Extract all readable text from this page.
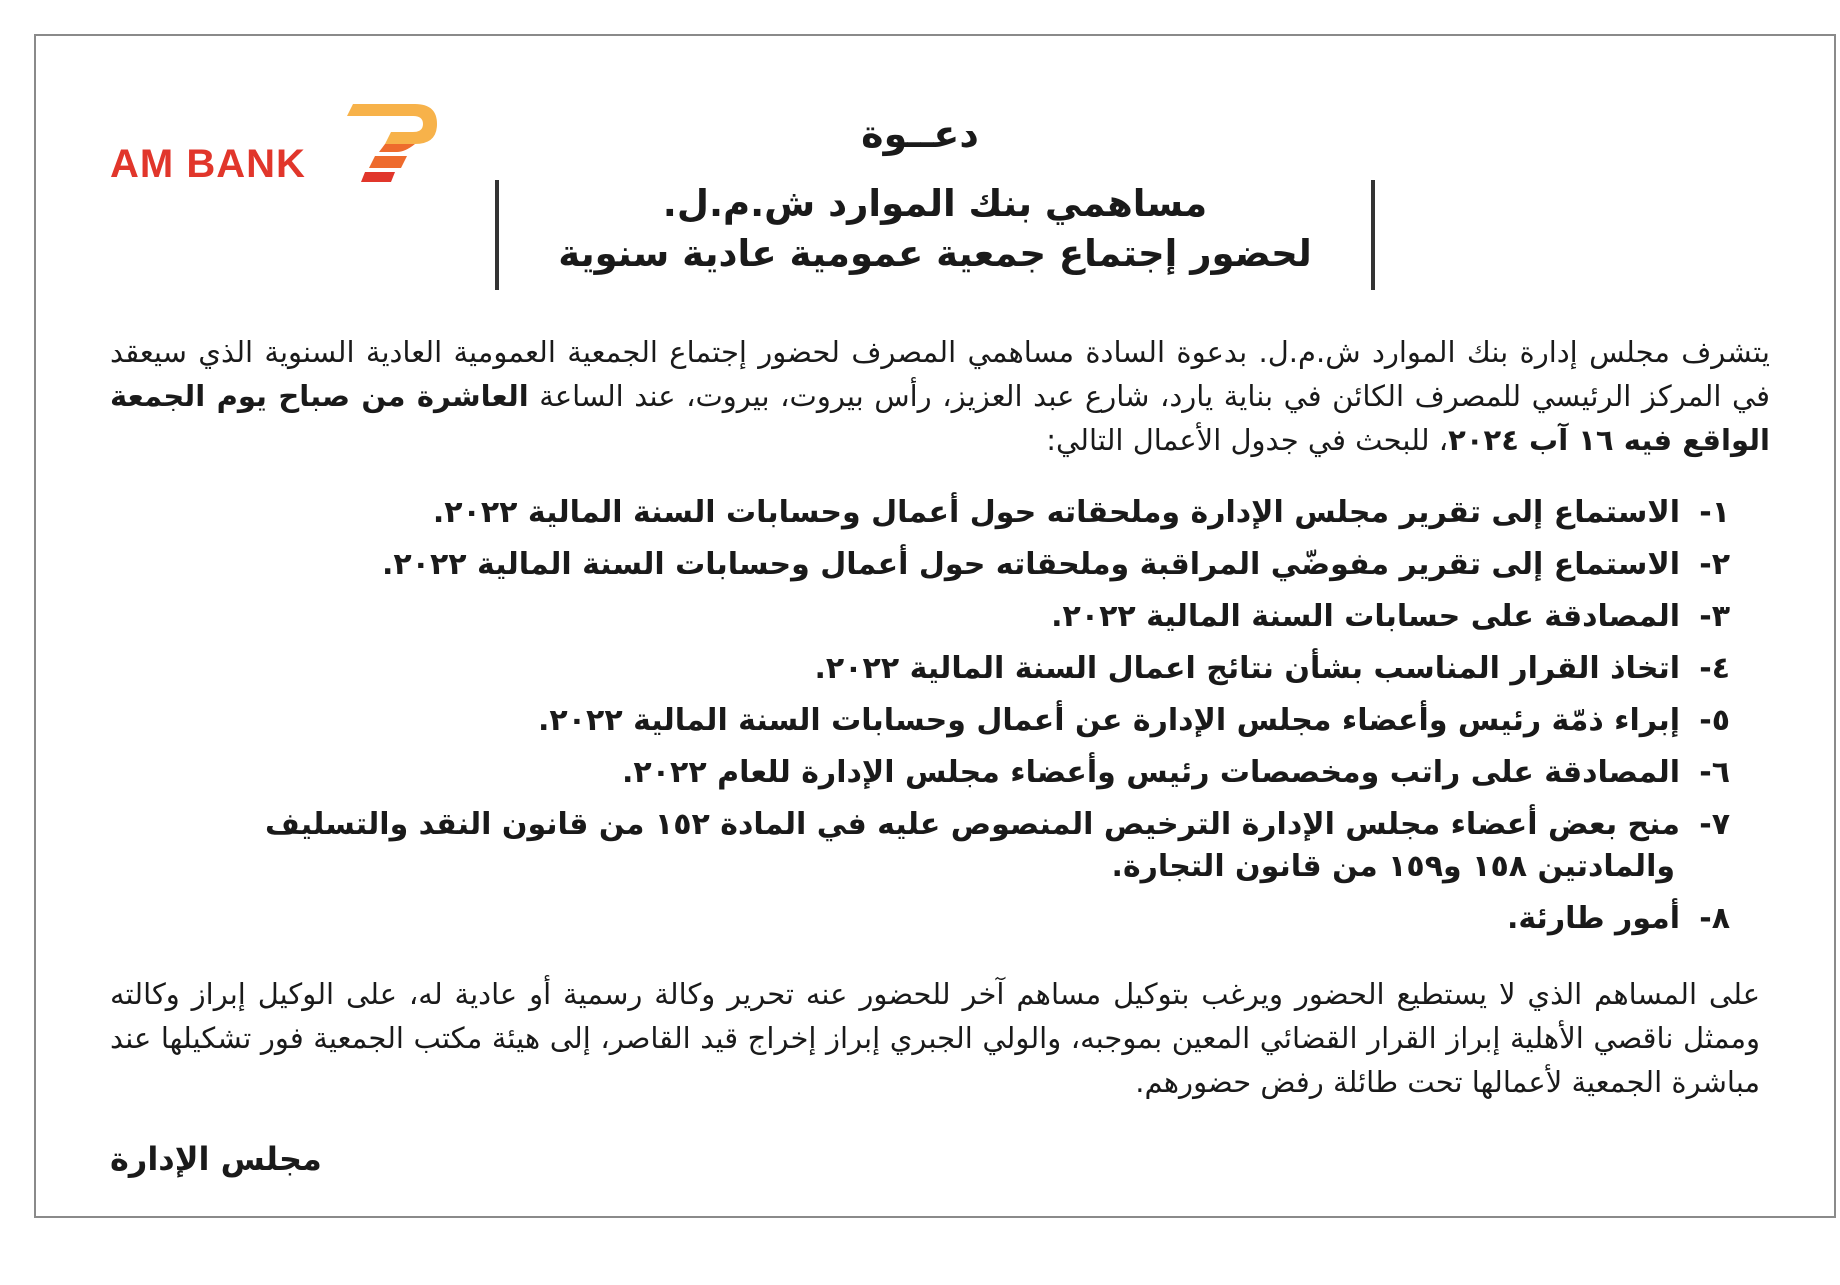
AM BANK
دعــوة
مساهمي بنك الموارد ش.م.ل.
لحضور إجتماع جمعية عمومية عادية سنوية
يتشرف مجلس إدارة بنك الموارد ش.م.ل. بدعوة السادة مساهمي المصرف لحضور إجتماع الجمعية العمومية العادية السنوية الذي سيعقد في المركز الرئيسي للمصرف الكائن في بناية يارد، شارع عبد العزيز، رأس بيروت، بيروت، عند الساعة العاشرة من صباح يوم الجمعة الواقع فيه ١٦ آب ٢٠٢٤، للبحث في جدول الأعمال التالي:
١-الاستماع إلى تقرير مجلس الإدارة وملحقاته حول أعمال وحسابات السنة المالية ٢٠٢٢.
٢-الاستماع إلى تقرير مفوضّي المراقبة وملحقاته حول أعمال وحسابات السنة المالية ٢٠٢٢.
٣-المصادقة على حسابات السنة المالية ٢٠٢٢.
٤-اتخاذ القرار المناسب بشأن نتائج اعمال السنة المالية ٢٠٢٢.
٥-إبراء ذمّة رئيس وأعضاء مجلس الإدارة عن أعمال وحسابات السنة المالية ٢٠٢٢.
٦-المصادقة على راتب ومخصصات رئيس وأعضاء مجلس الإدارة للعام ٢٠٢٢.
٧-منح بعض أعضاء مجلس الإدارة الترخيص المنصوص عليه في المادة ١٥٢ من قانون النقد والتسليف
والمادتين ١٥٨ و١٥٩ من قانون التجارة.
٨-أمور طارئة.
على المساهم الذي لا يستطيع الحضور ويرغب بتوكيل مساهم آخر للحضور عنه تحرير وكالة رسمية أو عادية له، على الوكيل إبراز وكالته وممثل ناقصي الأهلية إبراز القرار القضائي المعين بموجبه، والولي الجبري إبراز إخراج قيد القاصر، إلى هيئة مكتب الجمعية فور تشكيلها عند مباشرة الجمعية لأعمالها تحت طائلة رفض حضورهم.
مجلس الإدارة
